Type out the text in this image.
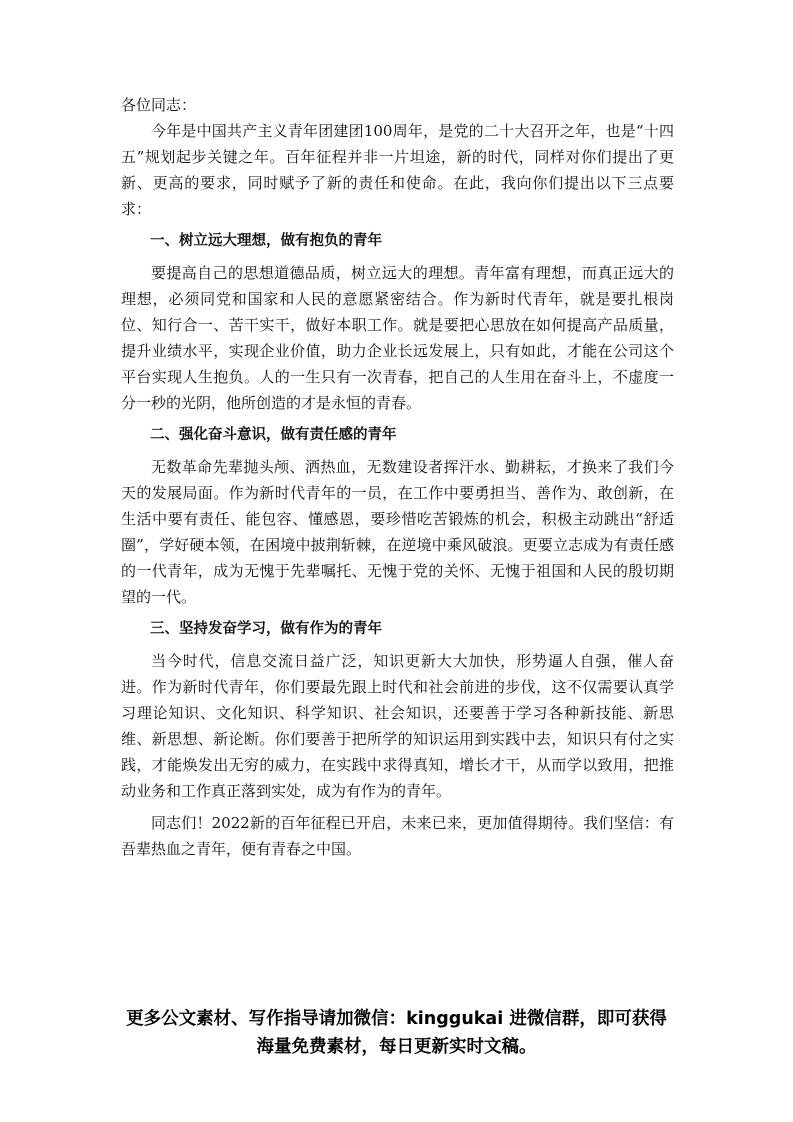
各位同志：

今年是中国共产主义青年团建团100周年，是党的二十大召开之年，也是“十四五”规划起步关键之年。百年征程并非一片坦途，新的时代，同样对你们提出了更新、更高的要求，同时赋予了新的责任和使命。在此，我向你们提出以下三点要求：

一、树立远大理想，做有抱负的青年

要提高自己的思想道德品质，树立远大的理想。青年富有理想，而真正远大的理想，必须同党和国家和人民的意愿紧密结合。作为新时代青年，就是要扎根岗位、知行合一、苦干实干，做好本职工作。就是要把心思放在如何提高产品质量，提升业绩水平，实现企业价值，助力企业长远发展上，只有如此，才能在公司这个平台实现人生抱负。人的一生只有一次青春，把自己的人生用在奋斗上，不虚度一分一秒的光阴，他所创造的才是永恒的青春。

二、强化奋斗意识，做有责任感的青年

无数革命先辈抛头颅、洒热血，无数建设者挥汗水、勤耕耘，才换来了我们今天的发展局面。作为新时代青年的一员，在工作中要勇担当、善作为、敢创新，在生活中要有责任、能包容、懂感恩，要珍惜吃苦锻炼的机会，积极主动跳出“舒适圈”，学好硬本领，在困境中披荆斩棘，在逆境中乘风破浪。更要立志成为有责任感的一代青年，成为无愧于先辈嘱托、无愧于党的关怀、无愧于祖国和人民的殷切期望的一代。

三、坚持发奋学习，做有作为的青年

当今时代，信息交流日益广泛，知识更新大大加快，形势逼人自强，催人奋进。作为新时代青年，你们要最先跟上时代和社会前进的步伐，这不仅需要认真学习理论知识、文化知识、科学知识、社会知识，还要善于学习各种新技能、新思维、新思想、新论断。你们要善于把所学的知识运用到实践中去，知识只有付之实践，才能焕发出无穷的威力，在实践中求得真知，增长才干，从而学以致用，把推动业务和工作真正落到实处，成为有作为的青年。

同志们！2022新的百年征程已开启，未来已来，更加值得期待。我们坚信：有吾辈热血之青年，便有青春之中国。

更多公文素材、写作指导请加微信：kinggukai 进微信群，即可获得

海量免费素材，每日更新实时文稿。
